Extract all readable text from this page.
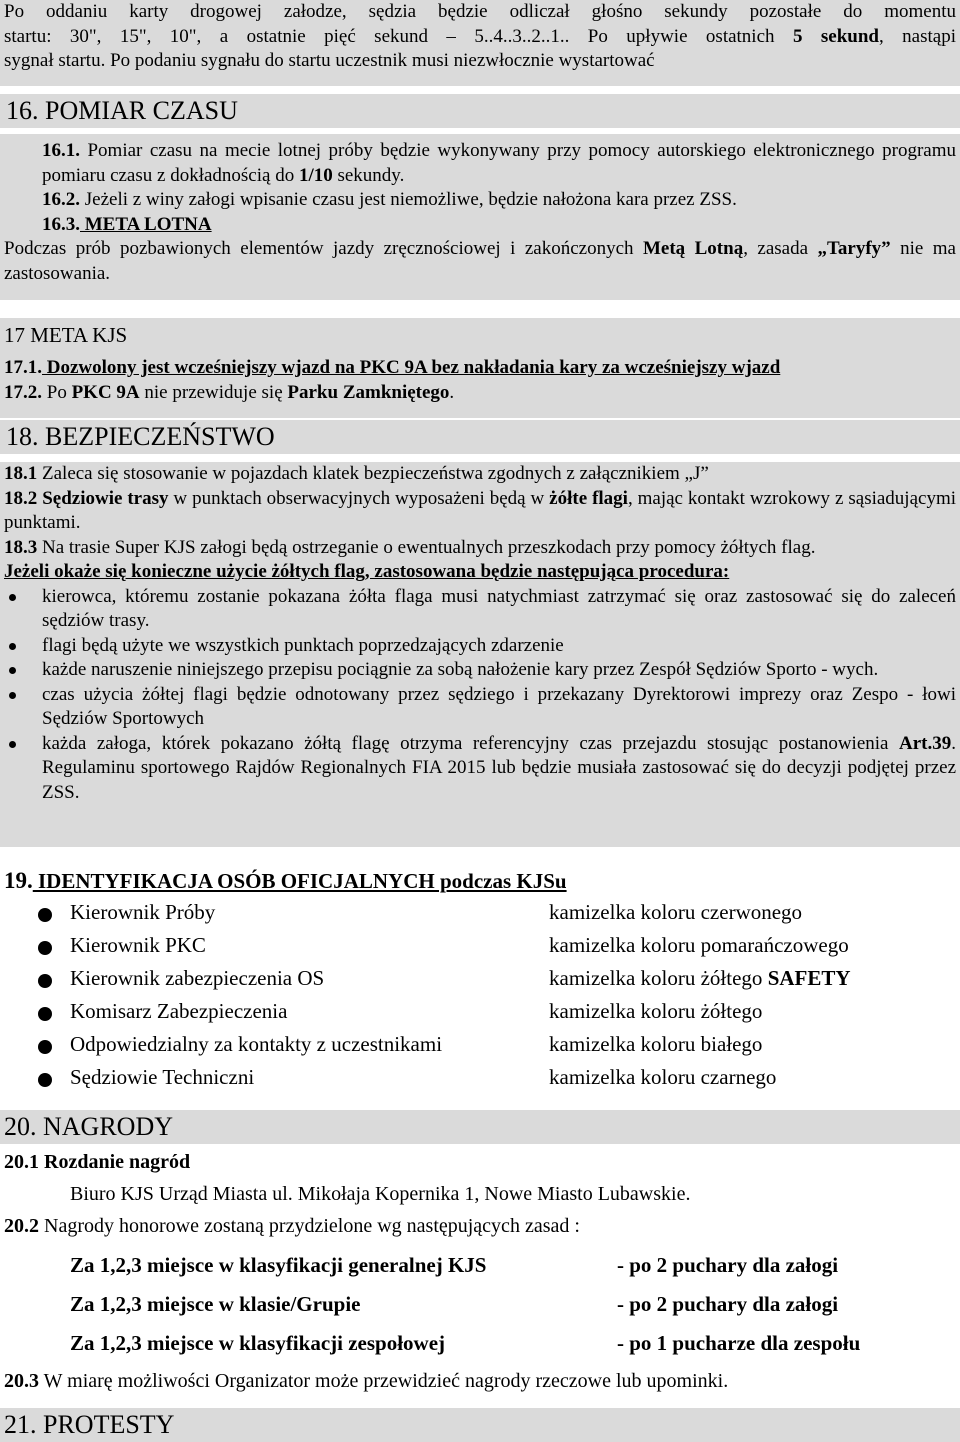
Po oddaniu karty drogowej załodze, sędzia będzie odliczał głośno sekundy pozostałe do momentu

startu: 30", 15", 10", a ostatnie pięć sekund – 5..4..3..2..1.. Po upływie ostatnich 5 sekund, nastąpi

sygnał startu. Po podaniu sygnału do startu uczestnik musi niezwłocznie wystartować

16. POMIAR CZASU

16.1. Pomiar czasu na mecie lotnej próby będzie wykonywany przy pomocy autorskiego elektronicznego programu pomiaru czasu z dokładnością do 1/10 sekundy.

16.2. Jeżeli z winy załogi wpisanie czasu jest niemożliwe, będzie nałożona kara przez ZSS.

16.3. META LOTNA

Podczas prób pozbawionych elementów jazdy zręcznościowej i zakończonych Metą Lotną, zasada „Taryfy” nie ma zastosowania.

17 META KJS

17.1. Dozwolony jest wcześniejszy wjazd na PKC 9A bez nakładania kary za wcześniejszy wjazd

17.2. Po PKC 9A nie przewiduje się Parku Zamkniętego.

18. BEZPIECZEŃSTWO

18.1 Zaleca się stosowanie w pojazdach klatek bezpieczeństwa zgodnych z załącznikiem „J”

18.2 Sędziowie trasy w punktach obserwacyjnych wyposażeni będą w żółte flagi, mając kontakt wzrokowy z sąsiadującymi punktami.

18.3 Na trasie Super KJS załogi będą ostrzeganie o ewentualnych przeszkodach przy pomocy żółtych flag.

Jeżeli okaże się konieczne użycie żółtych flag, zastosowana będzie następująca procedura:

kierowca, któremu zostanie pokazana żółta flaga musi natychmiast zatrzymać się oraz zastosować się do zaleceń sędziów trasy.
flagi będą użyte we wszystkich punktach poprzedzających zdarzenie
każde naruszenie niniejszego przepisu pociągnie za sobą nałożenie kary przez Zespół Sędziów Sporto - wych.
czas użycia żółtej flagi będzie odnotowany przez sędziego i przekazany Dyrektorowi imprezy oraz Zespo - łowi Sędziów Sportowych
każda załoga, którek pokazano żółtą flagę otrzyma referencyjny czas przejazdu stosując postanowienia Art.39. Regulaminu sportowego Rajdów Regionalnych FIA 2015 lub będzie musiała zastosować się do decyzji podjętej przez ZSS.
19. IDENTYFIKACJA OSÓB OFICJALNYCH podczas KJSu
Kierownik Próby	kamizelka koloru czerwonego
Kierownik PKC	kamizelka koloru pomarańczowego
Kierownik zabezpieczenia OS	kamizelka koloru żółtego SAFETY
Komisarz Zabezpieczenia	kamizelka koloru żółtego
Odpowiedzialny za kontakty z uczestnikami	kamizelka koloru białego
Sędziowie Techniczni	kamizelka koloru czarnego
20. NAGRODY
20.1 Rozdanie nagród
Biuro KJS Urząd Miasta ul. Mikołaja Kopernika 1, Nowe Miasto Lubawskie.
20.2 Nagrody honorowe zostaną przydzielone wg następujących zasad :
Za 1,2,3 miejsce w klasyfikacji generalnej KJS	- po 2 puchary dla załogi
Za 1,2,3 miejsce w klasie/Grupie	- po 2 puchary dla załogi
Za 1,2,3 miejsce w klasyfikacji zespołowej	- po 1 pucharze dla zespołu
20.3 W miarę możliwości Organizator może przewidzieć nagrody rzeczowe lub upominki.
21. PROTESTY
